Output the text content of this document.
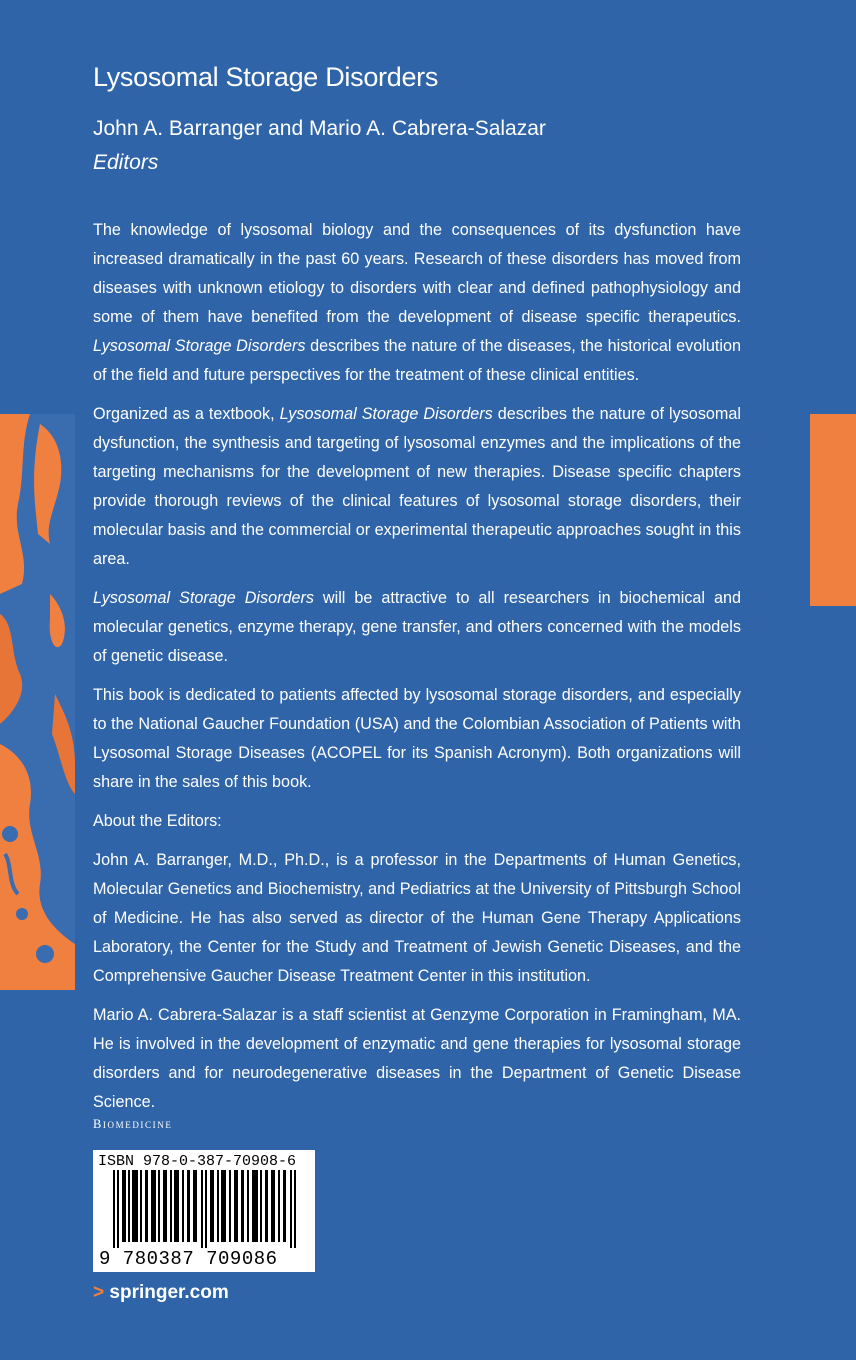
Lysosomal Storage Disorders
John A. Barranger and Mario A. Cabrera-Salazar
Editors

The knowledge of lysosomal biology and the consequences of its dysfunction have increased dramatically in the past 60 years. Research of these disorders has moved from diseases with unknown etiology to disorders with clear and defined pathophysiology and some of them have benefited from the development of disease specific therapeutics. Lysosomal Storage Disorders describes the nature of the diseases, the historical evolution of the field and future perspectives for the treatment of these clinical entities.

Organized as a textbook, Lysosomal Storage Disorders describes the nature of lysosomal dysfunction, the synthesis and targeting of lysosomal enzymes and the implications of the targeting mechanisms for the development of new therapies. Disease specific chapters provide thorough reviews of the clinical features of lysosomal storage disorders, their molecular basis and the commercial or experimental therapeutic approaches sought in this area.

Lysosomal Storage Disorders will be attractive to all researchers in biochemical and molecular genetics, enzyme therapy, gene transfer, and others concerned with the models of genetic disease.

This book is dedicated to patients affected by lysosomal storage disorders, and especially to the National Gaucher Foundation (USA) and the Colombian Association of Patients with Lysosomal Storage Diseases (ACOPEL for its Spanish Acronym). Both organizations will share in the sales of this book.

About the Editors:

John A. Barranger, M.D., Ph.D., is a professor in the Departments of Human Genetics, Molecular Genetics and Biochemistry, and Pediatrics at the University of Pittsburgh School of Medicine. He has also served as director of the Human Gene Therapy Applications Laboratory, the Center for the Study and Treatment of Jewish Genetic Diseases, and the Comprehensive Gaucher Disease Treatment Center in this institution.

Mario A. Cabrera-Salazar is a staff scientist at Genzyme Corporation in Framingham, MA. He is involved in the development of enzymatic and gene therapies for lysosomal storage disorders and for neurodegenerative diseases in the Department of Genetic Disease Science.

Biomedicine
ISBN 978-0-387-70908-6
9 780387 709086
> springer.com
